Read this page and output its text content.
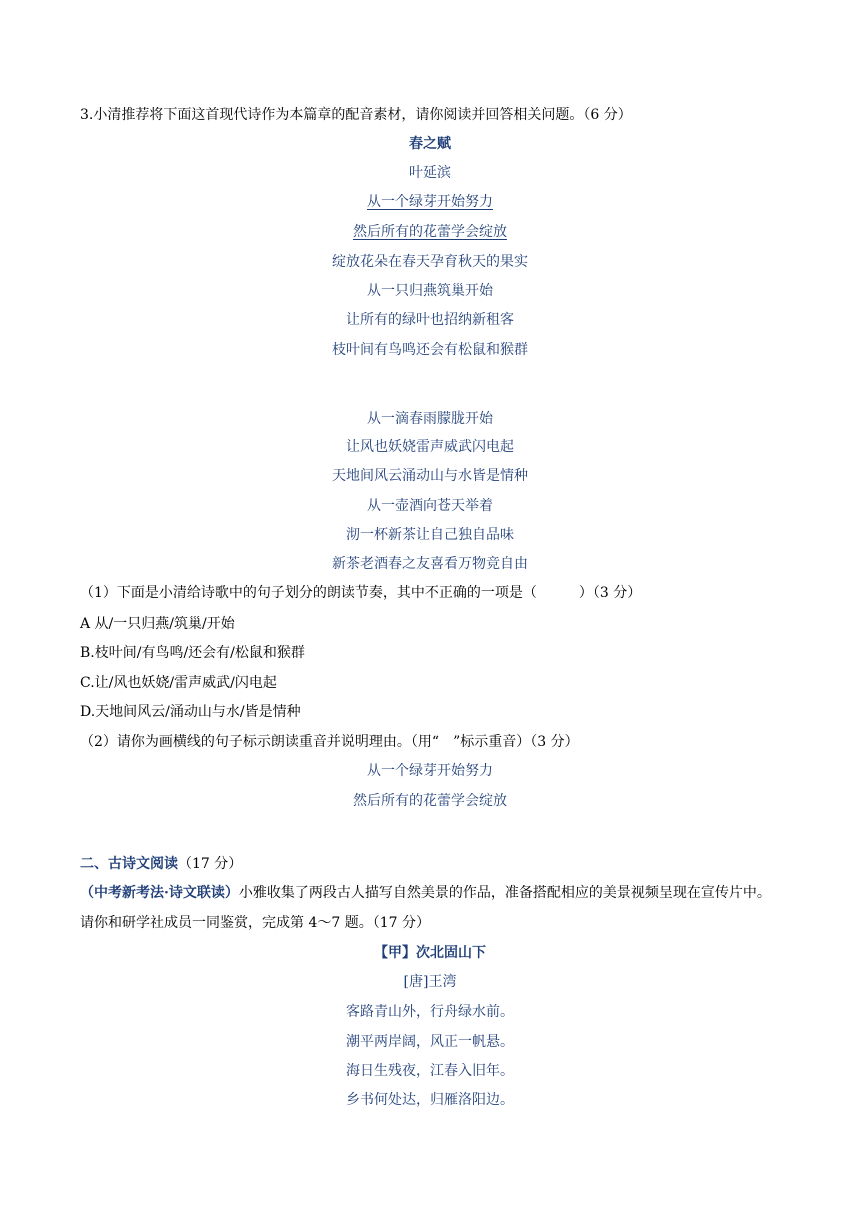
3.小清推荐将下面这首现代诗作为本篇章的配音素材，请你阅读并回答相关问题。（6 分）
春之赋
叶延滨
从一个绿芽开始努力
然后所有的花蕾学会绽放
绽放花朵在春天孕育秋天的果实
从一只归燕筑巢开始
让所有的绿叶也招纳新租客
枝叶间有鸟鸣还会有松鼠和猴群
从一滴春雨朦胧开始
让风也妖娆雷声威武闪电起
天地间风云涌动山与水皆是情种
从一壶酒向苍天举着
沏一杯新茶让自己独自品味
新茶老酒春之友喜看万物竞自由
（1）下面是小清给诗歌中的句子划分的朗读节奏，其中不正确的一项是（　　　）（3 分）
A 从/一只归燕/筑巢/开始
B.枝叶间/有鸟鸣/还会有/松鼠和猴群
C.让/风也妖娆/雷声威武/闪电起
D.天地间风云/涌动山与水/皆是情种
（2）请你为画横线的句子标示朗读重音并说明理由。（用“　”标示重音）（3 分）
从一个绿芽开始努力
然后所有的花蕾学会绽放
二、古诗文阅读（17 分）
（中考新考法·诗文联读）小雅收集了两段古人描写自然美景的作品，准备搭配相应的美景视频呈现在宣传片中。请你和研学社成员一同鉴赏，完成第 4～7 题。（17 分）
【甲】次北固山下
[唐]王湾
客路青山外，行舟绿水前。
潮平两岸阔，风正一帆悬。
海日生残夜，江春入旧年。
乡书何处达，归雁洛阳边。
